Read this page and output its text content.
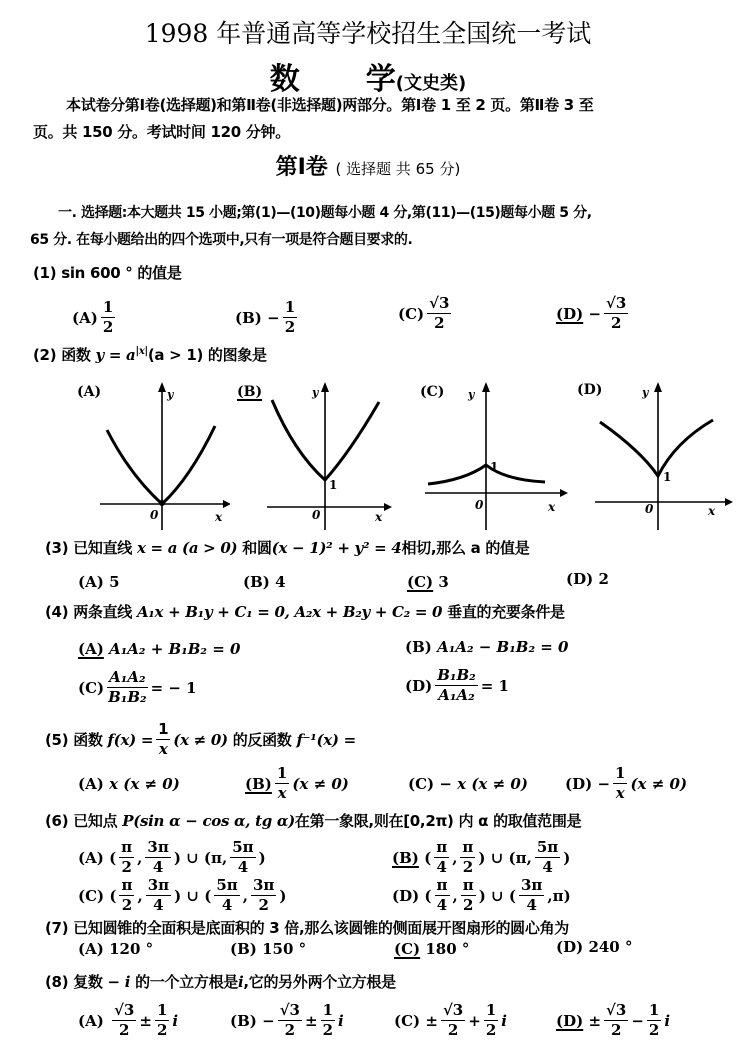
1998 年普通高等学校招生全国统一考试
数 学(文史类)
本试卷分第Ⅰ卷(选择题)和第Ⅱ卷(非选择题)两部分。第Ⅰ卷 1 至 2 页。第Ⅱ卷 3 至
页。共 150 分。考试时间 120 分钟。
第Ⅰ卷 ( 选择题 共 65 分)
一. 选择题:本大题共 15 小题;第(1)—(10)题每小题 4 分,第(11)—(15)题每小题 5 分,
65 分. 在每小题给出的四个选项中,只有一项是符合题目要求的.
(1) sin 600 ° 的值是
$(A) \frac{1}{2}$	(B)
− $\frac{1}{2}$	$(C) \frac{√3}{2}$	(D)
− $\frac{√3}{2}$
(2) 函数 $y = a^{|x|}(a > 1)$ 的图象是
(A)	y
0	x
(B)	y
1
0	x
(C) y
1
0	x
(D)	y
1
0	x
(3) 已知直线 x = a (a > 0) 和圆(x − 1)² + y² = 4相切,那么 a 的值是
(A)
5	(B)
4	(C)
3	(D)
2
(4) 两条直线 A₁x + B₁y + C₁ = 0, A₂x + B₂y + C₂ = 0 垂直的充要条件是
(A)
A₁A₂ + B₁B₂ = 0	(B)
A₁A₂ − B₁B₂ = 0
$(C) \frac{\text{A₁A₂}}{\text{B₁B₂}}$ = − 1	$(D) \frac{\text{B₁B₂}}{\text{A₁A₂}} = 1$
(5)
函数
$f(x) = \frac{1}{x} (x \ne 0)$
的反函数
f⁻¹(x) =
(A)
x (x ≠ 0)	$(B) \frac{1}{x} (x \ne 0)$	(C)
− x (x ≠ 0) (D)
− $\frac{1}{x} (x \ne 0)$
(6) 已知点 P(sin α − cos α, tg α)在第一象限,则在[0,2π) 内 α 的取值范围是
(A) ( $\frac{\pi}{2}$ , $\frac{3\pi}{4}$ ) ∪ ( π , $\frac{5\pi}{4}$ )	(B) ( $\frac{\pi}{4}$ , $\frac{\pi}{2}$ ) ∪ ( π , $\frac{5\pi}{4}$ )
(C) ( $\frac{\pi}{2}$ , $\frac{3\pi}{4}$ ) ∪ ( $\frac{5\pi}{4}$ , $\frac{3\pi}{2}$ )	(D) ( $\frac{\pi}{4}$ , $\frac{\pi}{2}$ ) ∪ ( $\frac{3\pi}{4}$ , π )
(7) 已知圆锥的全面积是底面积的 3 倍,那么该圆锥的侧面展开图扇形的圆心角为
(A)
120 °	(B)
150 °	(C)
180 °	(D)
240 °
(8) 复数 − i 的一个立方根是i,它的另外两个立方根是
(A)
$\frac{√3}{2} \pm \frac{1}{2}$ i	(B)
− $\frac{√3}{2} \pm \frac{1}{2}$ i	(C)
± $\frac{√3}{2} + \frac{1}{2}$ i	(D)
± $\frac{√3}{2} - \frac{1}{2}$ i
